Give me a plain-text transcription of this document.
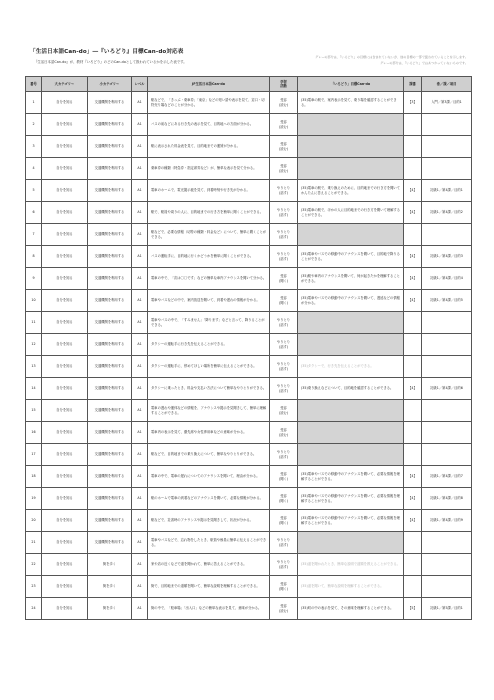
「生活日本語Can-do」―『いろどり』目標Can-do対応表
『生活日本語Can-do』が、教材『いろどり』のどのCan-doとして扱われているかを示した表です。
グレーの部分は、『いろどり』の目標には含まれていないが、他の目標の一部で扱われていることを示します。
グレーの部分は、『いろどり』ではあつかっていないものです。
番号	大カテゴリー	小カテゴリー	レベル	JF生活日本語Can-do	学習
活動	「いろどり」目標Can-do	課番	巻／課／項目
1	自分を知る	交通機関を利用する	A1	駅などで、「きっぷ・乗車券」「東京」などの短い語や表示を見て、窓口・切符売り場などのことが分かる。	受容
(読む)	(35)電車の駅で、案内表示を見て、乗り場を確認することができる。	【3】	入門／第3課／目的1
2	自分を知る	交通機関を利用する	A1	バスの前などにある行き先の表示を見て、目的地への方面が分かる。	受容
(読む)			
3	自分を知る	交通機関を利用する	A1	駅に表示された料金表を見て、目的地までの運賃が分かる。	受容
(読む)			
4	自分を知る	交通機関を利用する	A1	乗車券の種類（特急券・指定席券など）が、簡単な表示を見て分かる。	受容
(読む)			
5	自分を知る	交通機関を利用する	A1	電車のホームで、電光掲示板を見て、到着時刻や行き先が分かる。	やりとり
(話す)	(35)電車の駅で、乗り換えのために、目的地までの行き方を聞いてかんたんに答えることができる。	【4】	初級1／第4課／目的1
6	自分を知る	交通機関を利用する	A1	駅で、駅員や周りの人に、目的地までの行き方を簡単に聞くことができる。	やりとり
(話す)	(35)電車の駅で、ほかの人に目的地までの行き方を聞いて理解することができる。	【4】	初級1／第4課／目的2
7	自分を知る	交通機関を利用する	A1	駅などで、必要な情報（切符の種類・料金など）について、簡単に聞くことができる。	やりとり
(話す)			
8	自分を知る	交通機関を利用する	A1	バスの運転手に、目的地に行くかどうかを簡単に聞くことができる。	やりとり
(話す)	(35)電車やバスでの移動中のアナウンスを聞いて、目的地で降りることができる。	【4】	初級1／第4課／目的3
9	自分を知る	交通機関を利用する	A1	電車の中で、「次は〇〇です」などの簡単な車内アナウンスを聞いて分かる。	受容
(聞く)	(35)駅や車内のアナウンスを聞いて、何が起きたかを理解することができる。	【4】	初級1／第4課／目的4
10	自分を知る	交通機関を利用する	A1	電車やバスなどの中で、案内放送を聞いて、到着や遅れの情報が分かる。	受容
(聞く)	(35)電車やバスでの移動中のアナウンスを聞いて、遅延などの情報が分かる。	【4】	初級1／第4課／目的5
11	自分を知る	交通機関を利用する	A1	電車やバスの中で、「すみません」「降ります」などと言って、降りることができる。	やりとり
(話す)			
12	自分を知る	交通機関を利用する	A1	タクシーの運転手に行き先を伝えることができる。	やりとり
(話す)			
13	自分を知る	交通機関を利用する	A1	タクシーの運転手に、停めてほしい場所を簡単に伝えることができる。	やりとり
(話す)	(35)タクシーで、行き先を伝えることができる。		
14	自分を知る	交通機関を利用する	A1	タクシーに乗ったとき、料金や支払い方法について簡単なやりとりができる。	やりとり
(話す)	(35)乗り換えなどについて、目的地を確認することができる。	【4】	初級1／第4課／目的6
15	自分を知る	交通機関を利用する	A1	電車の遅れや運休などの情報を、アナウンスや掲示を見聞きして、簡単に理解することができる。	受容
(読む)			
16	自分を知る	交通機関を利用する	A1	電車内の表示を見て、優先席や女性専用車などの意味が分かる。	受容
(読む)			
17	自分を知る	交通機関を利用する	A1	駅などで、目的地までの乗り換えについて、簡単なやりとりができる。	やりとり
(話す)			
18	自分を知る	交通機関を利用する	A1	電車の中で、電車の遅れについてのアナウンスを聞いて、理由が分かる。	受容
(聞く)	(35)電車やバスでの移動中のアナウンスを聞いて、必要な情報を理解することができる。	【4】	初級1／第4課／目的7
19	自分を知る	交通機関を利用する	A1	駅のホームで電車の到着などのアナウンスを聞いて、必要な情報が分かる。	受容
(聞く)	(35)電車やバスでの移動中のアナウンスを聞いて、必要な情報を理解することができる。	【4】	初級1／第4課／目的8
20	自分を知る	交通機関を利用する	A1	駅などで、災害時のアナウンスや掲示を見聞きして、状況が分かる。	受容
(聞く)	(35)電車やバスでの移動中のアナウンスを聞いて、必要な情報を理解することができる。	【4】	初級1／第4課／目的9
21	自分を知る	交通機関を利用する	A1	電車やバスなどで、忘れ物をしたとき、駅員や係員に簡単に伝えることができる。	やりとり
(話す)			
22	自分を知る	街を歩く	A1	家や店の近くなどで道を聞かれて、簡単に答えることができる。	やりとり
(話す)	(35)道を聞かれたとき、簡単な説明で道順を教えることができる。		
23	自分を知る	街を歩く	A1	街で、目的地までの道順を聞いて、簡単な説明を理解することができる。	受容
(聞く)	(35)道を聞いて、簡単な説明を理解することができる。		
24	自分を知る	街を歩く	A1	街の中で、「駐車場」「出入口」などの簡単な表示を見て、意味が分かる。	受容
(読む)	(35)町の中の表示を見て、その意味を理解することができる。	【5】	初級1／第5課／目的1
